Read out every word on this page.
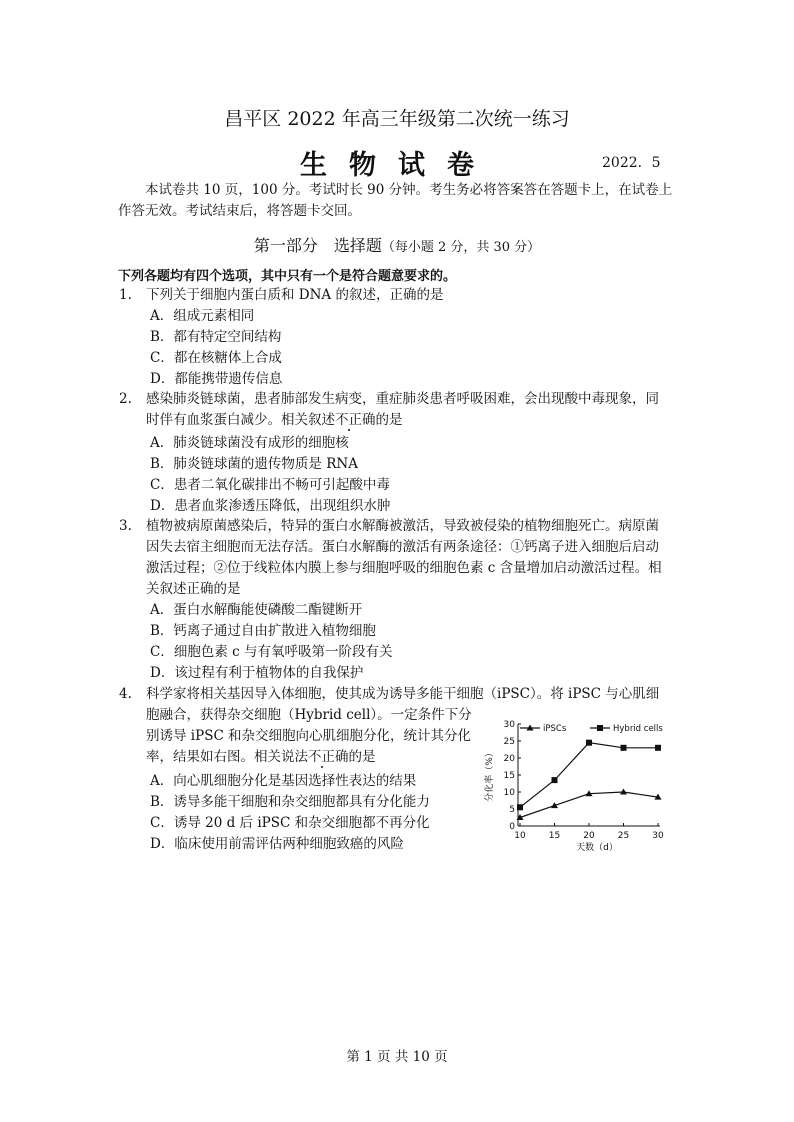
昌平区 2022 年高三年级第二次统一练习
生物试卷	2022．5
本试卷共 10 页，100 分。考试时长 90 分钟。考生务必将答案答在答题卡上，在试卷上作答无效。考试结束后，将答题卡交回。
第一部分　选择题（每小题 2 分，共 30 分）
下列各题均有四个选项，其中只有一个是符合题意要求的。
1. 下列关于细胞内蛋白质和 DNA 的叙述，正确的是
A．组成元素相同
B．都有特定空间结构
C．都在核糖体上合成
D．都能携带遗传信息
2. 感染肺炎链球菌，患者肺部发生病变，重症肺炎患者呼吸困难，会出现酸中毒现象，同
时伴有血浆蛋白减少。相关叙述不正确的是
A．肺炎链球菌没有成形的细胞核
B．肺炎链球菌的遗传物质是 RNA
C．患者二氧化碳排出不畅可引起酸中毒
D．患者血浆渗透压降低，出现组织水肿
3. 植物被病原菌感染后，特异的蛋白水解酶被激活，导致被侵染的植物细胞死亡。病原菌
因失去宿主细胞而无法存活。蛋白水解酶的激活有两条途径：①钙离子进入细胞后启动
激活过程；②位于线粒体内膜上参与细胞呼吸的细胞色素 c 含量增加启动激活过程。相
关叙述正确的是
A．蛋白水解酶能使磷酸二酯键断开
B．钙离子通过自由扩散进入植物细胞
C．细胞色素 c 与有氧呼吸第一阶段有关
D．该过程有利于植物体的自我保护
4. 科学家将相关基因导入体细胞，使其成为诱导多能干细胞（iPSC）。将 iPSC 与心肌细
胞融合，获得杂交细胞（Hybrid cell）。一定条件下分
别诱导 iPSC 和杂交细胞向心肌细胞分化，统计其分化
率，结果如右图。相关说法不正确的是
A．向心肌细胞分化是基因选择性表达的结果
B．诱导多能干细胞和杂交细胞都具有分化能力
C．诱导 20 d 后 iPSC 和杂交细胞都不再分化
D．临床使用前需评估两种细胞致癌的风险
0
5
10
15
20
25
30
10	15	20	25	30
分化率（%）
天数（d）
iPSCs	Hybrid cells
第 1 页 共 10 页
